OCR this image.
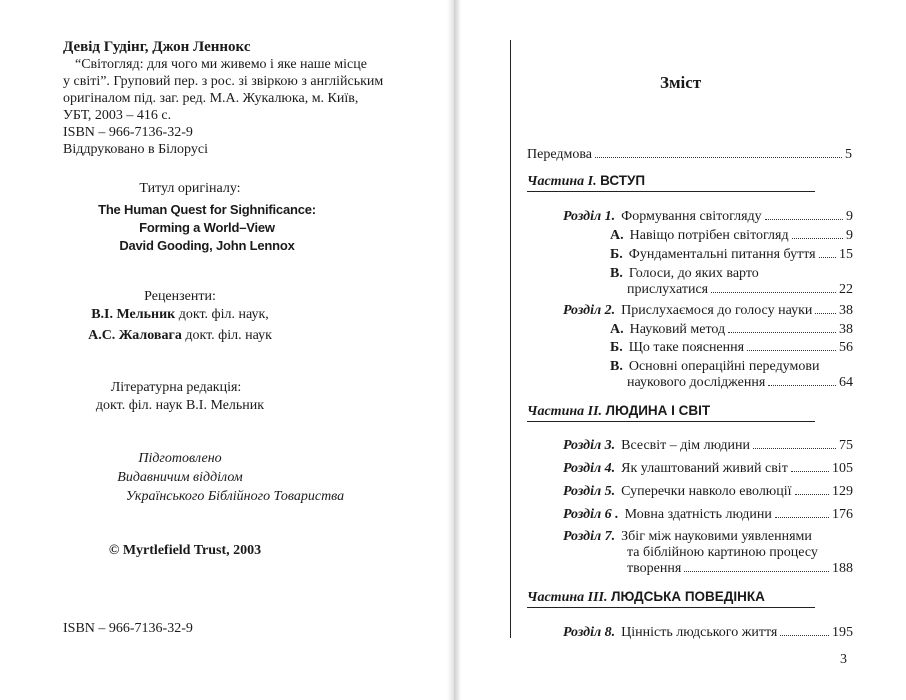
Девід Гудінг, Джон Леннокс
“Світогляд: для чого ми живемо і яке наше місце
у світі”. Груповий пер. з рос. зі звіркою з англійським
оригіналом під. заг. ред. М.А. Жукалюка, м. Київ,
УБТ, 2003 – 416 с.
ISBN – 966-7136-32-9
Віддруковано в Білорусі
Титул оригіналу:
The Human Quest for Sighnificance:
Forming a World–View
David Gooding, John Lennox
Рецензенти:
В.І. Мельник докт. філ. наук,
А.С. Жаловага докт. філ. наук
Літературна редакція:
докт. філ. наук В.І. Мельник
Підготовлено
Видавничим відділом
Українського Біблійного Товариства
© Myrtlefield Trust, 2003
ISBN – 966-7136-32-9
Зміст
Передмова	5
Частина I. ВСТУП
Розділ 1. Формування світогляду	9
А. Навіщо потрібен світогляд	9
Б. Фундаментальні питання буття 15
В. Голоси, до яких варто
прислухатися	22
Розділ 2. Прислухаємося до голосу науки 38
А. Науковий метод	38
Б. Що таке пояснення	56
В. Основні операційні передумови
наукового дослідження	64
Частина II. ЛЮДИНА І СВІТ
Розділ 3. Всесвіт – дім людини	75
Розділ 4. Як улаштований живий світ	105
Розділ 5. Суперечки навколо еволюції	129
Розділ 6 . Мовна здатність людини	176
Розділ 7. Збіг між науковими уявленнями
та біблійною картиною процесу
творення	188
Частина III. ЛЮДСЬКА ПОВЕДІНКА
Розділ 8. Цінність людського життя	195
3
